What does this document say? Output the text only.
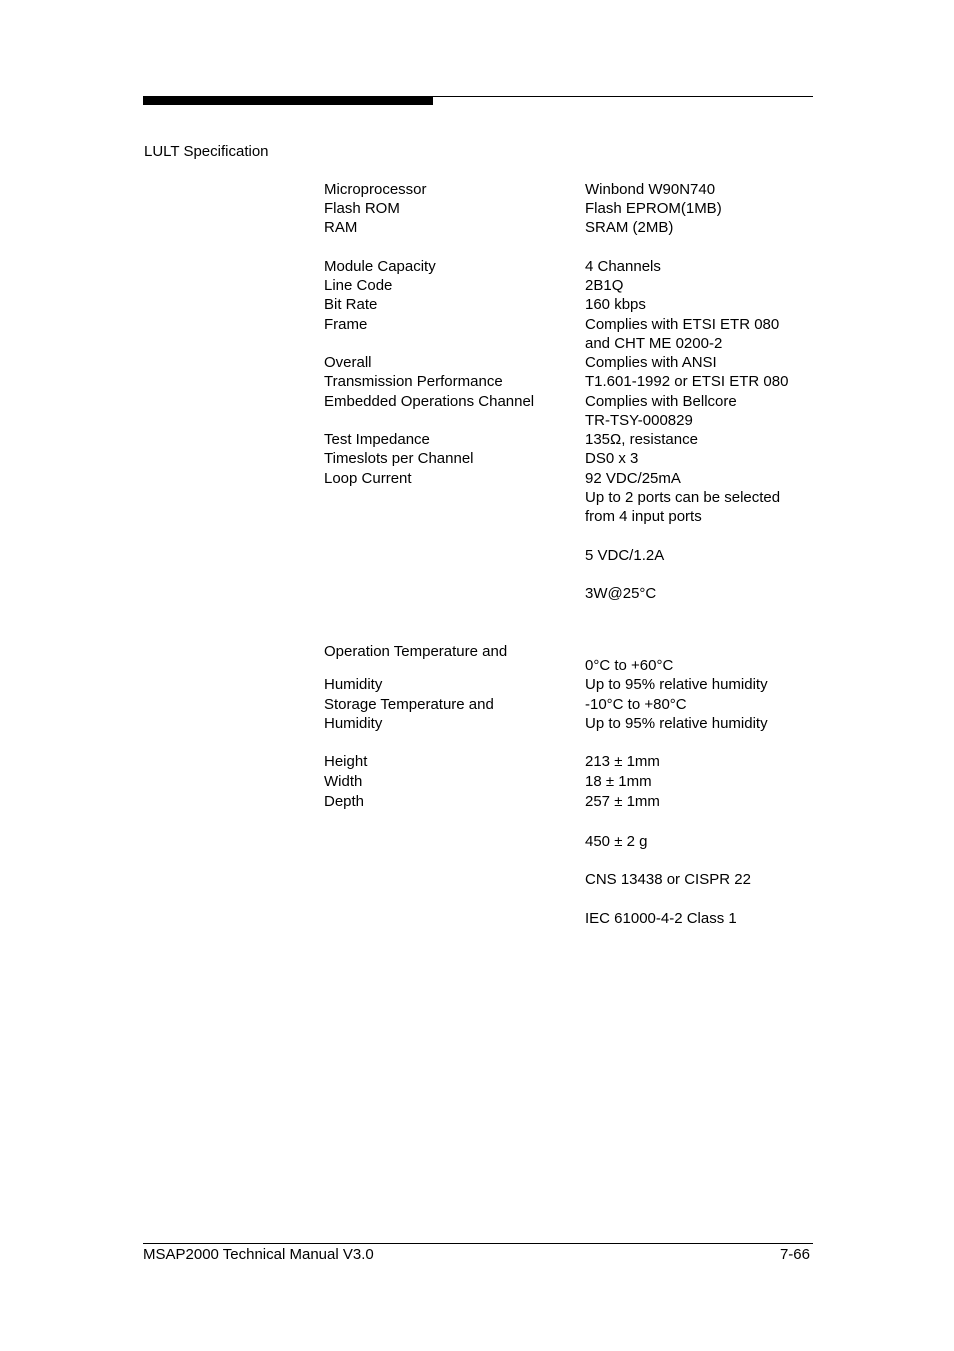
LULT Specification
Microprocessor
Flash ROM
RAM
Module Capacity
Line Code
Bit Rate
Frame
Overall
Transmission Performance
Embedded Operations Channel
Test Impedance
Timeslots per Channel
Loop Current
Operation Temperature and
Humidity
Storage Temperature and
Humidity
Height
Width
Depth
Winbond W90N740
Flash EPROM(1MB)
SRAM (2MB)
4 Channels
2B1Q
160 kbps
Complies with ETSI ETR 080
and CHT ME 0200-2
Complies with ANSI
T1.601-1992 or ETSI ETR 080
Complies with Bellcore
TR-TSY-000829
135Ω, resistance
DS0 x 3
92 VDC/25mA
Up to 2 ports can be selected
from 4 input ports
5 VDC/1.2A
3W@25°C
0°C to +60°C
Up to 95% relative humidity
-10°C to +80°C
Up to 95% relative humidity
213 ± 1mm
18 ± 1mm
257 ± 1mm
450 ± 2 g
CNS 13438 or CISPR 22
IEC 61000-4-2 Class 1
MSAP2000 Technical Manual V3.0	7-66
